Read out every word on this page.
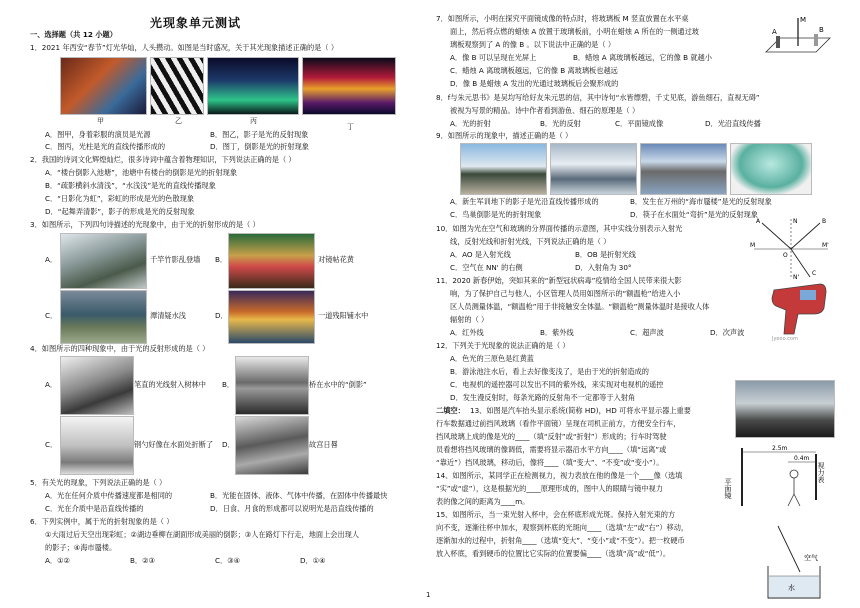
光现象单元测试
一、选择题（共 12 小题）
1．2021 年西安“春节”灯光华灿，人头攒动。如图是当时盛况，关于其光现象描述正确的是（ ）
甲	乙	丙
丁
A．图甲，身着彩服的演员是光源	B．图乙，影子是光的反射现象
C．图丙，光柱是光的直线传播形成的	D．图丁，倒影是光的折射现象
2．我国的诗词文化辉煌灿烂，很多诗词中蕴含着物理知识，下列说法正确的是（ ）
A．“楼台倒影入池塘”，池塘中有楼台的倒影是光的折射现象
B．“疏影横斜水清浅”，“水浅浅”是光的直线传播现象
C．“日影化为虹”，彩虹的形成是光的色散现象
D．“起舞弄清影”，影子的形成是光的反射现象
3．如图所示，下列四句诗描述的光现象中，由于光的折射形成的是（ ）
A．	千竿竹影乱登墙 B．	对镜帖花黄
C．	潭清疑水浅	D．	一道残阳铺水中
4．如图所示的四种现象中，由于光的反射形成的是（ ）
A．	笔直的光线射入树林中 B．	桥在水中的“倒影”
C．	钢勺好像在水面处折断了 D．	故宫日晷
5．有关光的现象，下列说法正确的是（ ）
A．光在任何介质中传播速度都是相同的	B．光能在固体、液体、气体中传播，在固体中传播最快
C．光在介质中是沿直线传播的	D．日食、月食的形成都可以说明光是沿直线传播的
6．下列实例中，属于光的折射现象的是（ ）
①大雨过后天空出现彩虹；②湖边垂柳在湖面形成美丽的倒影；③人在路灯下行走，地面上会出现人
的影子；④海市蜃楼。
A．①②	B．②③	C．③④	D．①④
7．如图所示，小明在探究平面镜成像的特点时，将玻璃板 M 竖直放置在水平桌
面上，然后将点燃的蜡烛 A 放置于玻璃板前，小明在蜡烛 A 所在的一侧通过玻
璃板观察到了 A 的像 B 。以下说法中正确的是（ ）
A．像 B 可以呈现在光屏上	B．蜡烛 A 离玻璃板越远，它的像 B 就越小
C．蜡烛 A 离玻璃板越远，它的像 B 离玻璃板也越远
D．像 B 是蜡烛 A 发出的光通过玻璃板后会聚形成的
M
A	B
8．f与朱元思书》是吴均写给好友朱元思的信，其中诗句“水皆缥碧，千丈见底，游鱼细石，直视无碍”
被视为写景的精品。诗中作者看到游鱼、细石的原理是（ ）
A．光的折射	B．光的反射	C．平面镜成像	D．光沿直线传播
9．如图所示的现象中，描述正确的是（ ）
A．新生军训地下的影子是光沿直线传播形成的	B．发生在万州的“海市蜃楼”是光的反射现象
C．鸟巢倒影是光的折射现象	D．筷子在水面处“弯折”是光的反射现象
10．如图为光在空气和玻璃的分界面传播的示意图，其中实线分别表示入射光
线，反射光线和折射光线，下列说法正确的是（ ）
A．AO 是入射光线	B．OB 是折射光线
C．空气在 NN' 的右侧	D．入射角为 30°
N
N'
M	M'
A	B
C
O
11．2020 新春伊始，突如其来的“新型冠状病毒”疫情给全国人民带来很大影
响，为了保护自己与他人，小区管理人员用如图所示的“额温枪”给进入小
区人员测量体温，“额温枪”用于非接触安全体温。“额温枪”测量体温时是接收人体
辐射的（ ）
A．红外线	B．紫外线	C．超声波	D．次声波
Jyeoo.com
12．下列关于光现象的说法正确的是（ ）
A．色光的三原色是红黄蓝
B．游泳池注水后，看上去好像变浅了，是由于光的折射造成的
C．电视机的遥控器可以发出不同的紫外线，来实现对电视机的遥控
D．发生漫反射时，每条光路的反射角不一定都等于入射角
二填空： 13、如图是汽车抬头显示系统(简称 HD)，HD 可将水平显示器上重要
行车数据通过前挡风玻璃（看作平面镜）呈现在司机正前方，方便安全行车，
挡风玻璃上成的像是光的____（填“反射”或“折射”）形成的；行车时驾驶
员看想将挡风玻璃的像调低，需要将显示器沿水平方向____（填“远离”或
“靠近”）挡风玻璃，移动后，像将____（填“变大”、“不变”或“变小”）。
14、如图所示，某同学正在检测视力，视力表放在他的像是一个____像（选填
“实”或“虚”），这是根据光的____原理形成的，图中人的眼睛与镜中视力
表的像之间的距离为____m。
2.5m
0.4m
平面镜
视力表
15、如图所示，当一束光射入杯中，会在杯底形成光斑。保持入射光束的方
向不变，逐渐往杯中加水，观察到杯底的光斑向____（选填“左”或“右”）移动，
逐渐加水的过程中，折射角____（选填“变大”、“变小”或“不变”）。把一枚硬币
放入杯底，看到硬币的位置比它实际的位置要偏____（选填“高”或“低”）。	空气
水
1
